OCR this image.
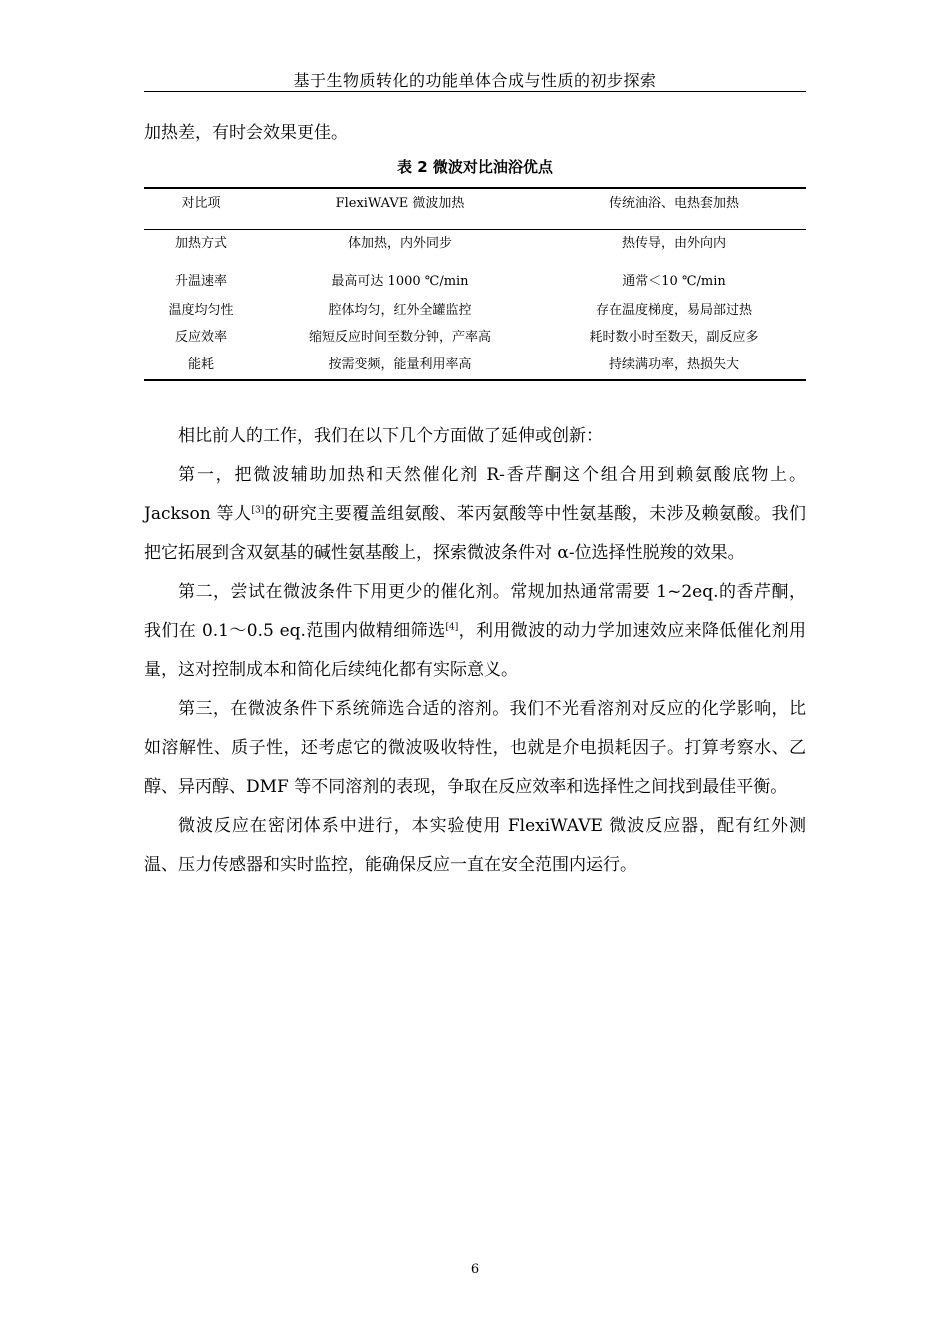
基于生物质转化的功能单体合成与性质的初步探索
加热差，有时会效果更佳。
表 2 微波对比油浴优点
对比项	FlexiWAVE 微波加热	传统油浴、电热套加热
加热方式	体加热，内外同步	热传导，由外向内
升温速率	最高可达 1000 ℃/min	通常＜10 ℃/min
温度均匀性	腔体均匀，红外全罐监控	存在温度梯度，易局部过热
反应效率	缩短反应时间至数分钟，产率高	耗时数小时至数天，副反应多
能耗	按需变频，能量利用率高	持续满功率，热损失大

相比前人的工作，我们在以下几个方面做了延伸或创新：

第一，把微波辅助加热和天然催化剂 R-香芹酮这个组合用到赖氨酸底物上。Jackson 等人[3]的研究主要覆盖组氨酸、苯丙氨酸等中性氨基酸，未涉及赖氨酸。我们把它拓展到含双氨基的碱性氨基酸上，探索微波条件对 α-位选择性脱羧的效果。

第二，尝试在微波条件下用更少的催化剂。常规加热通常需要 1~2eq.的香芹酮，我们在 0.1～0.5 eq.范围内做精细筛选[4]，利用微波的动力学加速效应来降低催化剂用量，这对控制成本和简化后续纯化都有实际意义。

第三，在微波条件下系统筛选合适的溶剂。我们不光看溶剂对反应的化学影响，比如溶解性、质子性，还考虑它的微波吸收特性，也就是介电损耗因子。打算考察水、乙醇、异丙醇、DMF 等不同溶剂的表现，争取在反应效率和选择性之间找到最佳平衡。

微波反应在密闭体系中进行，本实验使用 FlexiWAVE 微波反应器，配有红外测温、压力传感器和实时监控，能确保反应一直在安全范围内运行。

6
